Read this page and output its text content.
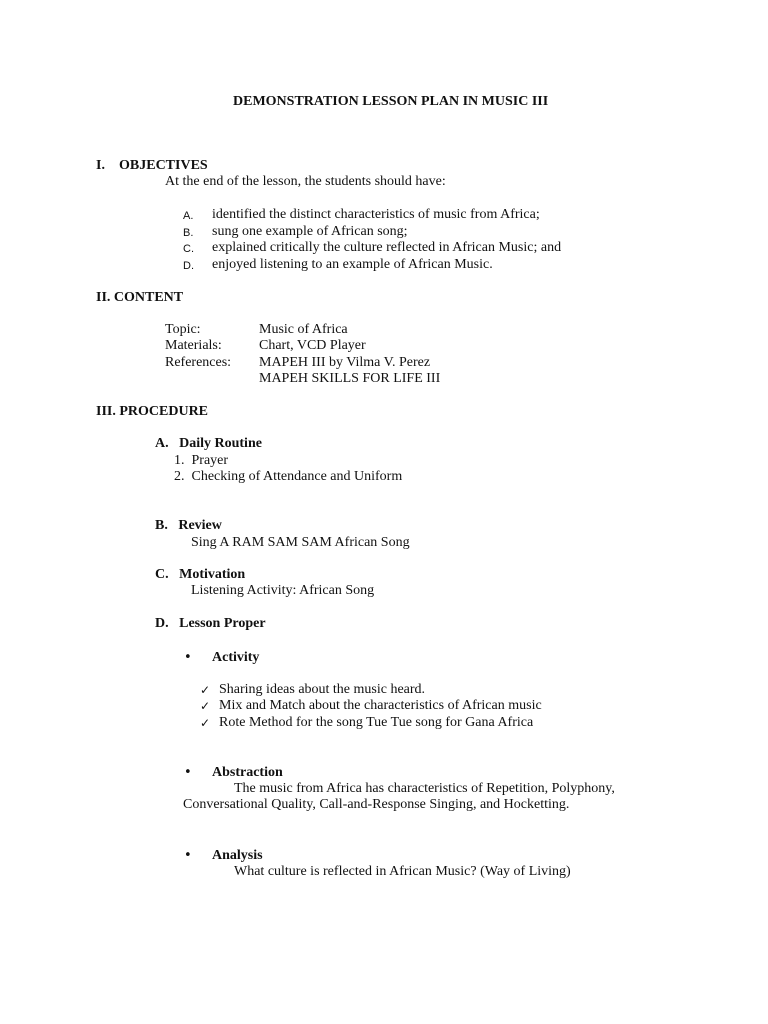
DEMONSTRATION LESSON PLAN IN MUSIC III
I. OBJECTIVES
At the end of the lesson, the students should have:
A. identified the distinct characteristics of music from Africa;
B. sung one example of African song;
C. explained critically the culture reflected in African Music; and
D. enjoyed listening to an example of African Music.
II. CONTENT
Topic:	Music of Africa
Materials:	Chart, VCD Player
References: MAPEH III by Vilma V. Perez
MAPEH SKILLS FOR LIFE III
III. PROCEDURE
A.   Daily Routine
1.  Prayer
2.  Checking of Attendance and Uniform
B.   Review
Sing A RAM SAM SAM African Song
C.   Motivation
Listening Activity: African Song
D.   Lesson Proper
• Activity
✓ Sharing ideas about the music heard.
✓ Mix and Match about the characteristics of African music
✓ Rote Method for the song Tue Tue song for Gana Africa
• Abstraction
The music from Africa has characteristics of Repetition, Polyphony,
Conversational Quality, Call-and-Response Singing, and Hocketting.
• Analysis
What culture is reflected in African Music? (Way of Living)
